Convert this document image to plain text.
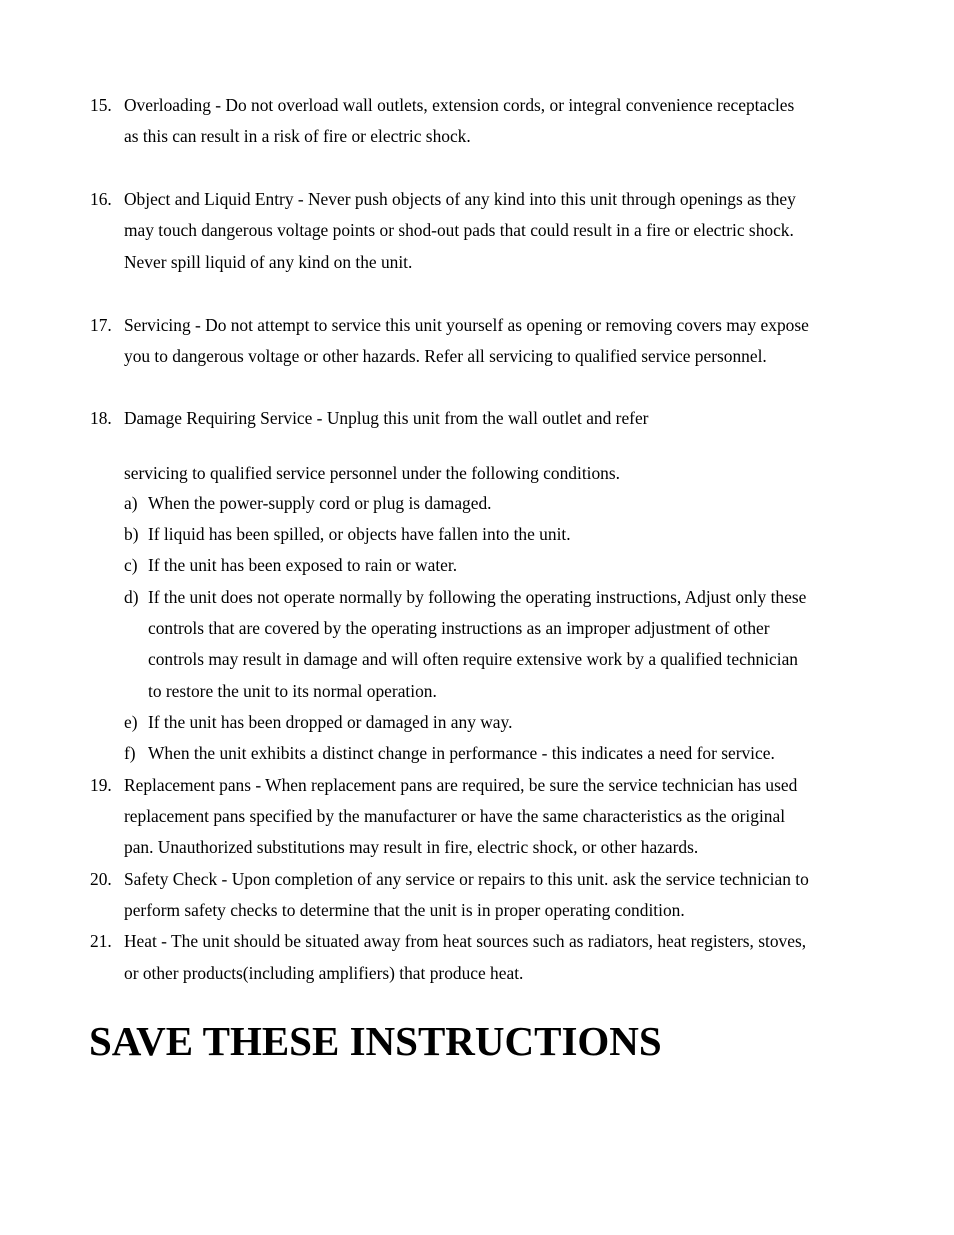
15. Overloading - Do not overload wall outlets, extension cords, or integral convenience receptacles
as this can result in a risk of fire or electric shock.
16. Object and Liquid Entry - Never push objects of any kind into this unit through openings as they
may touch dangerous voltage points or shod-out pads that could result in a fire or electric shock.
Never spill liquid of any kind on the unit.
17. Servicing - Do not attempt to service this unit yourself as opening or removing covers may expose
you to dangerous voltage or other hazards. Refer all servicing to qualified service personnel.
18. Damage Requiring Service - Unplug this unit from the wall outlet and refer
servicing to qualified service personnel under the following conditions.
a) When the power-supply cord or plug is damaged.
b) If liquid has been spilled, or objects have fallen into the unit.
c) If the unit has been exposed to rain or water.
d) If the unit does not operate normally by following the operating instructions, Adjust only these
controls that are covered by the operating instructions as an improper adjustment of other
controls may result in damage and will often require extensive work by a qualified technician
to restore the unit to its normal operation.
e) If the unit has been dropped or damaged in any way.
f) When the unit exhibits a distinct change in performance - this indicates a need for service.
19. Replacement pans - When replacement pans are required, be sure the service technician has used
replacement pans specified by the manufacturer or have the same characteristics as the original
pan. Unauthorized substitutions may result in fire, electric shock, or other hazards.
20. Safety Check - Upon completion of any service or repairs to this unit. ask the service technician to
perform safety checks to determine that the unit is in proper operating condition.
21. Heat - The unit should be situated away from heat sources such as radiators, heat registers, stoves,
or other products(including amplifiers) that produce heat.
SAVE THESE INSTRUCTIONS
